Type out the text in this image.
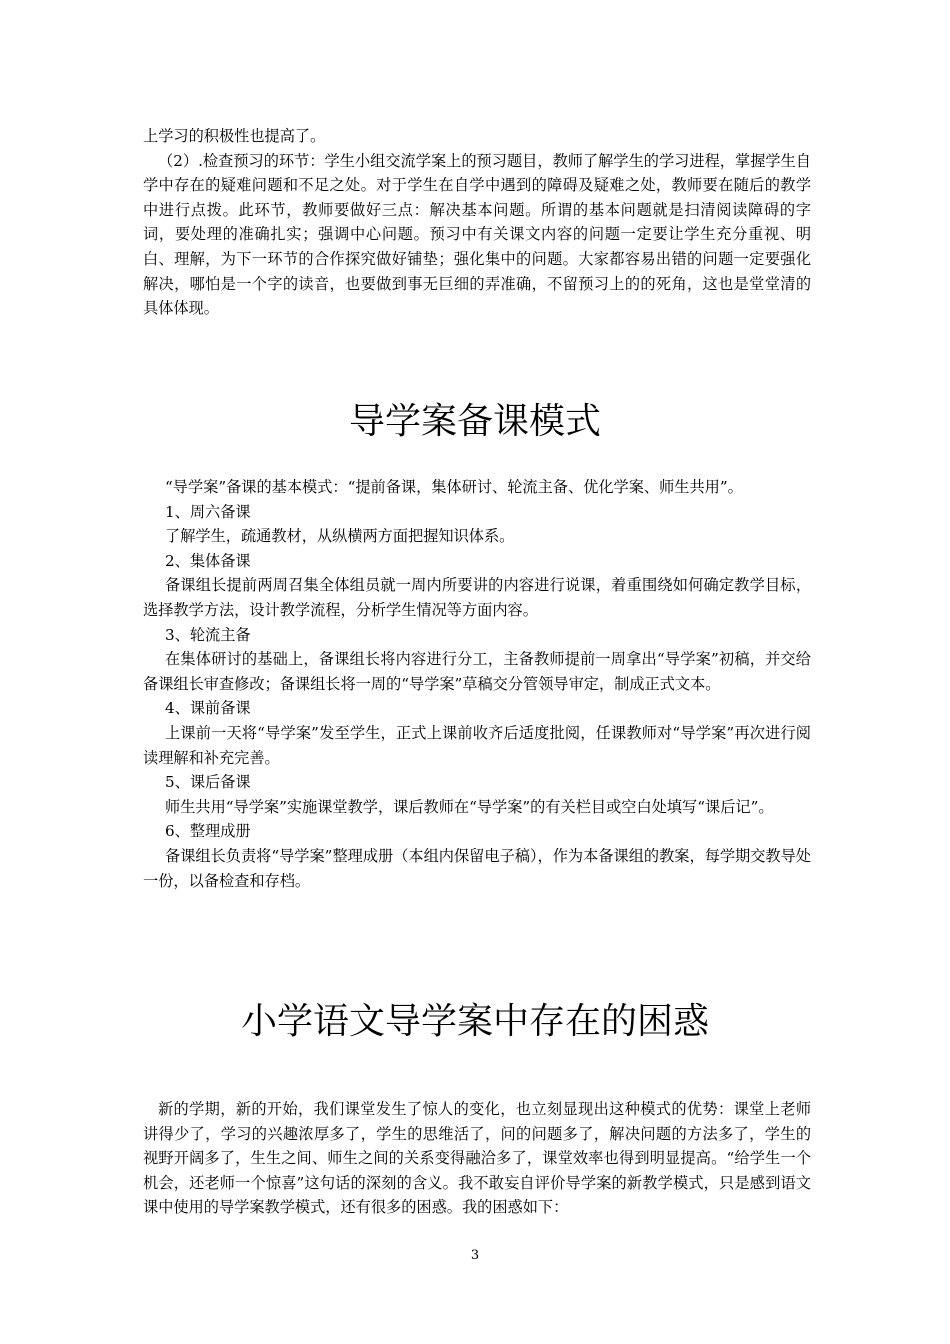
上学习的积极性也提高了。

（2）.检查预习的环节：学生小组交流学案上的预习题目，教师了解学生的学习进程，掌握学生自学中存在的疑难问题和不足之处。对于学生在自学中遇到的障碍及疑难之处，教师要在随后的教学中进行点拨。此环节，教师要做好三点：解决基本问题。所谓的基本问题就是扫清阅读障碍的字词，要处理的准确扎实；强调中心问题。预习中有关课文内容的问题一定要让学生充分重视、明白、理解，为下一环节的合作探究做好铺垫；强化集中的问题。大家都容易出错的问题一定要强化解决，哪怕是一个字的读音，也要做到事无巨细的弄准确，不留预习上的的死角，这也是堂堂清的具体体现。

导学案备课模式

“导学案”备课的基本模式：“提前备课，集体研讨、轮流主备、优化学案、师生共用”。

1、周六备课

了解学生，疏通教材，从纵横两方面把握知识体系。

2、集体备课

备课组长提前两周召集全体组员就一周内所要讲的内容进行说课，着重围绕如何确定教学目标，选择教学方法，设计教学流程，分析学生情况等方面内容。

3、轮流主备

在集体研讨的基础上，备课组长将内容进行分工，主备教师提前一周拿出“导学案”初稿，并交给备课组长审查修改；备课组长将一周的“导学案”草稿交分管领导审定，制成正式文本。

4、课前备课

上课前一天将“导学案”发至学生，正式上课前收齐后适度批阅，任课教师对“导学案”再次进行阅读理解和补充完善。

5、课后备课

师生共用“导学案”实施课堂教学，课后教师在“导学案”的有关栏目或空白处填写“课后记”。

6、整理成册

备课组长负责将“导学案”整理成册（本组内保留电子稿），作为本备课组的教案，每学期交教导处一份，以备检查和存档。

小学语文导学案中存在的困惑

新的学期，新的开始，我们课堂发生了惊人的变化，也立刻显现出这种模式的优势：课堂上老师讲得少了，学习的兴趣浓厚多了，学生的思维活了，问的问题多了，解决问题的方法多了，学生的视野开阔多了，生生之间、师生之间的关系变得融洽多了，课堂效率也得到明显提高。“给学生一个机会，还老师一个惊喜”这句话的深刻的含义。我不敢妄自评价导学案的新教学模式，只是感到语文课中使用的导学案教学模式，还有很多的困惑。我的困惑如下：

3
